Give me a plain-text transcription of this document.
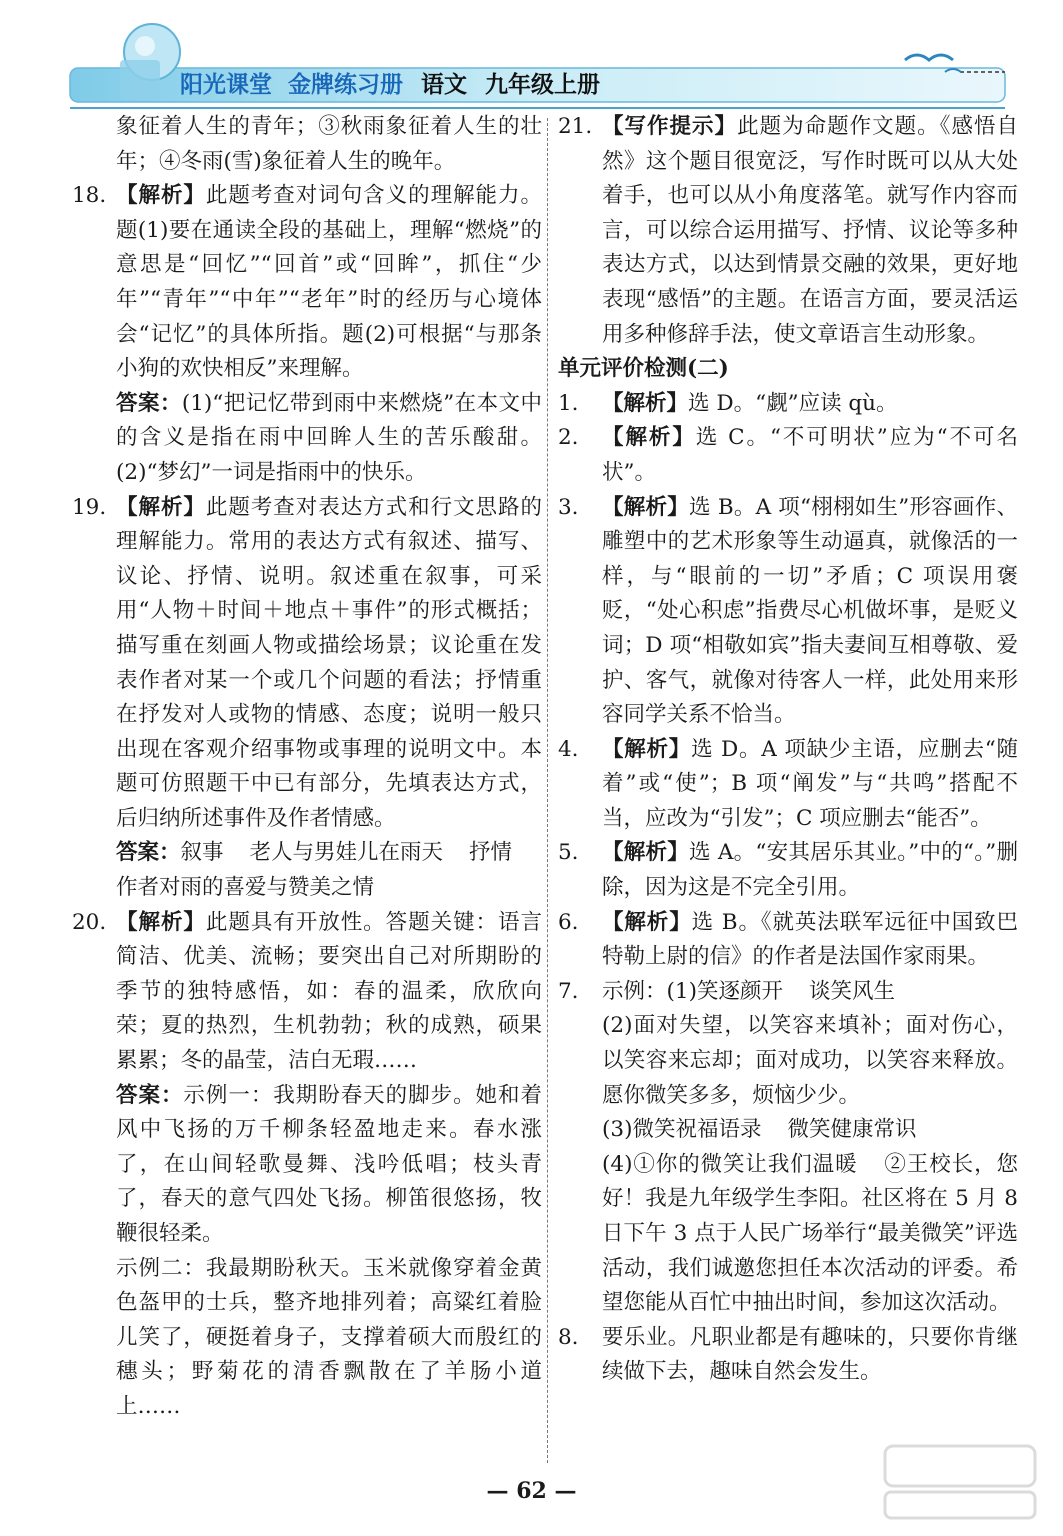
阳光课堂 金牌练习册 语文 九年级上册

象征着人生的青年；③秋雨象征着人生的壮年；④冬雨(雪)象征着人生的晚年。

18. 【解析】此题考查对词句含义的理解能力。题(1)要在通读全段的基础上，理解“燃烧”的意思是“回忆”“回首”或“回眸”，抓住“少年”“青年”“中年”“老年”时的经历与心境体会“记忆”的具体所指。题(2)可根据“与那条小狗的欢快相反”来理解。

答案：(1)“把记忆带到雨中来燃烧”在本文中的含义是指在雨中回眸人生的苦乐酸甜。(2)“梦幻”一词是指雨中的快乐。

19. 【解析】此题考查对表达方式和行文思路的理解能力。常用的表达方式有叙述、描写、议论、抒情、说明。叙述重在叙事，可采用“人物＋时间＋地点＋事件”的形式概括；描写重在刻画人物或描绘场景；议论重在发表作者对某一个或几个问题的看法；抒情重在抒发对人或物的情感、态度；说明一般只出现在客观介绍事物或事理的说明文中。本题可仿照题干中已有部分，先填表达方式，后归纳所述事件及作者情感。

答案：叙事 老人与男娃儿在雨天 抒情
作者对雨的喜爱与赞美之情

20. 【解析】此题具有开放性。答题关键：语言简洁、优美、流畅；要突出自己对所期盼的季节的独特感悟，如：春的温柔，欣欣向荣；夏的热烈，生机勃勃；秋的成熟，硕果累累；冬的晶莹，洁白无瑕……

答案：示例一：我期盼春天的脚步。她和着风中飞扬的万千柳条轻盈地走来。春水涨了，在山间轻歌曼舞、浅吟低唱；枝头青了，春天的意气四处飞扬。柳笛很悠扬，牧鞭很轻柔。

示例二：我最期盼秋天。玉米就像穿着金黄色盔甲的士兵，整齐地排列着；高粱红着脸儿笑了，硬挺着身子，支撑着硕大而殷红的穗头；野菊花的清香飘散在了羊肠小道上……

21. 【写作提示】此题为命题作文题。《感悟自然》这个题目很宽泛，写作时既可以从大处着手，也可以从小角度落笔。就写作内容而言，可以综合运用描写、抒情、议论等多种表达方式，以达到情景交融的效果，更好地表现“感悟”的主题。在语言方面，要灵活运用多种修辞手法，使文章语言生动形象。

单元评价检测(二)

1. 【解析】选 D。“觑”应读 qù。

2. 【解析】选 C。“不可明状”应为“不可名状”。

3. 【解析】选 B。A 项“栩栩如生”形容画作、雕塑中的艺术形象等生动逼真，就像活的一样，与“眼前的一切”矛盾；C 项误用褒贬，“处心积虑”指费尽心机做坏事，是贬义词；D 项“相敬如宾”指夫妻间互相尊敬、爱护、客气，就像对待客人一样，此处用来形容同学关系不恰当。

4. 【解析】选 D。A 项缺少主语，应删去“随着”或“使”；B 项“阐发”与“共鸣”搭配不当，应改为“引发”；C 项应删去“能否”。

5. 【解析】选 A。“安其居乐其业。”中的“。”删除，因为这是不完全引用。

6. 【解析】选 B。《就英法联军远征中国致巴特勒上尉的信》的作者是法国作家雨果。

7. 示例：(1)笑逐颜开 谈笑风生

(2)面对失望，以笑容来填补；面对伤心，以笑容来忘却；面对成功，以笑容来释放。愿你微笑多多，烦恼少少。

(3)微笑祝福语录 微笑健康常识

(4)①你的微笑让我们温暖 ②王校长，您好！我是九年级学生李阳。社区将在 5 月 8 日下午 3 点于人民广场举行“最美微笑”评选活动，我们诚邀您担任本次活动的评委。希望您能从百忙中抽出时间，参加这次活动。

8. 要乐业。凡职业都是有趣味的，只要你肯继续做下去，趣味自然会发生。

— 62 —
